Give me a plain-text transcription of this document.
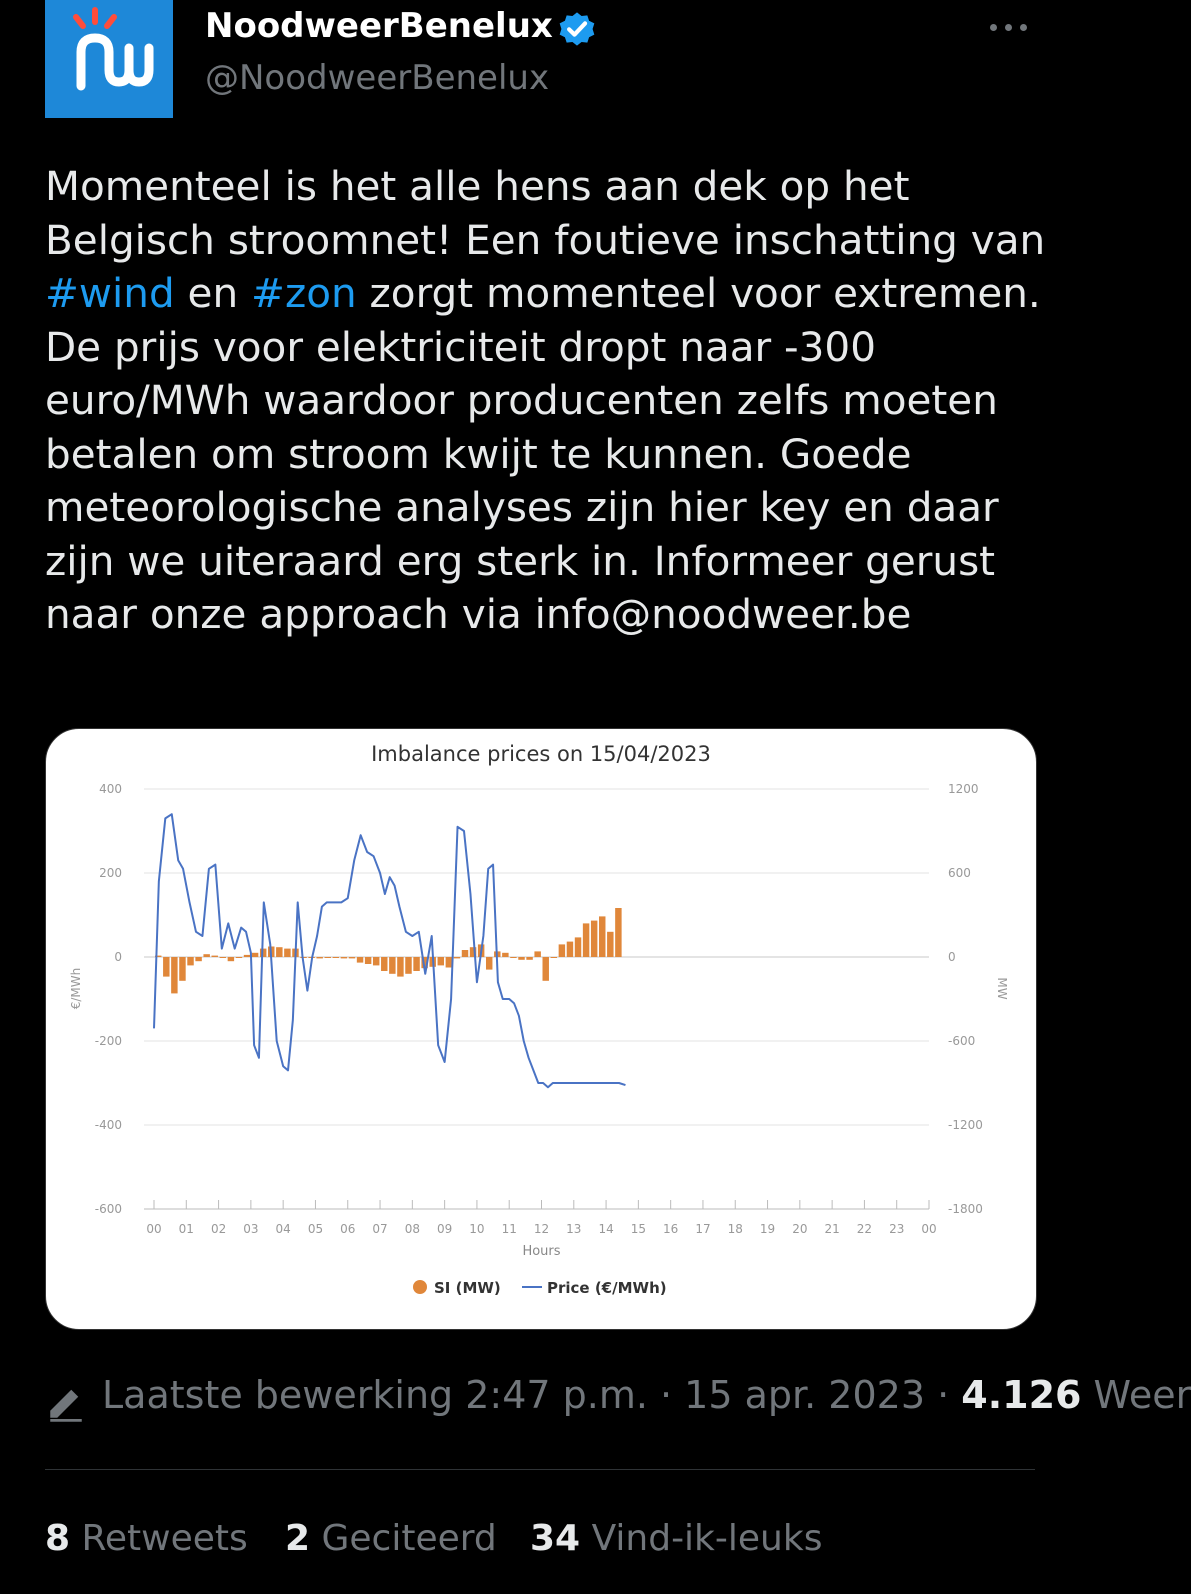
NoodweerBenelux
@NoodweerBenelux
Momenteel is het alle hens aan dek op het Belgisch stroomnet! Een foutieve inschatting van #wind en #zon zorgt momenteel voor extremen. De prijs voor elektriciteit dropt naar -300 euro/MWh waardoor producenten zelfs moeten betalen om stroom kwijt te kunnen. Goede meteorologische analyses zijn hier key en daar zijn we uiteraard erg sterk in. Informeer gerust naar onze approach via info@noodweer.be
Imbalance prices on 15/04/2023
400	1200
200	600
0	0
-200	-600
-400	-1200
-600	-1800
€/MWh	MW
00 01 02 03 04 05 06 07 08 09 10 11 12 13 14 15 16 17 18 19 20 21 22 23 00
Hours
SI (MW)	Price (€/MWh)
Laatste bewerking 2:47 p.m. · 15 apr. 2023 · 4.126 Weer
8 Retweets 2 Geciteerd 34 Vind-ik-leuks
